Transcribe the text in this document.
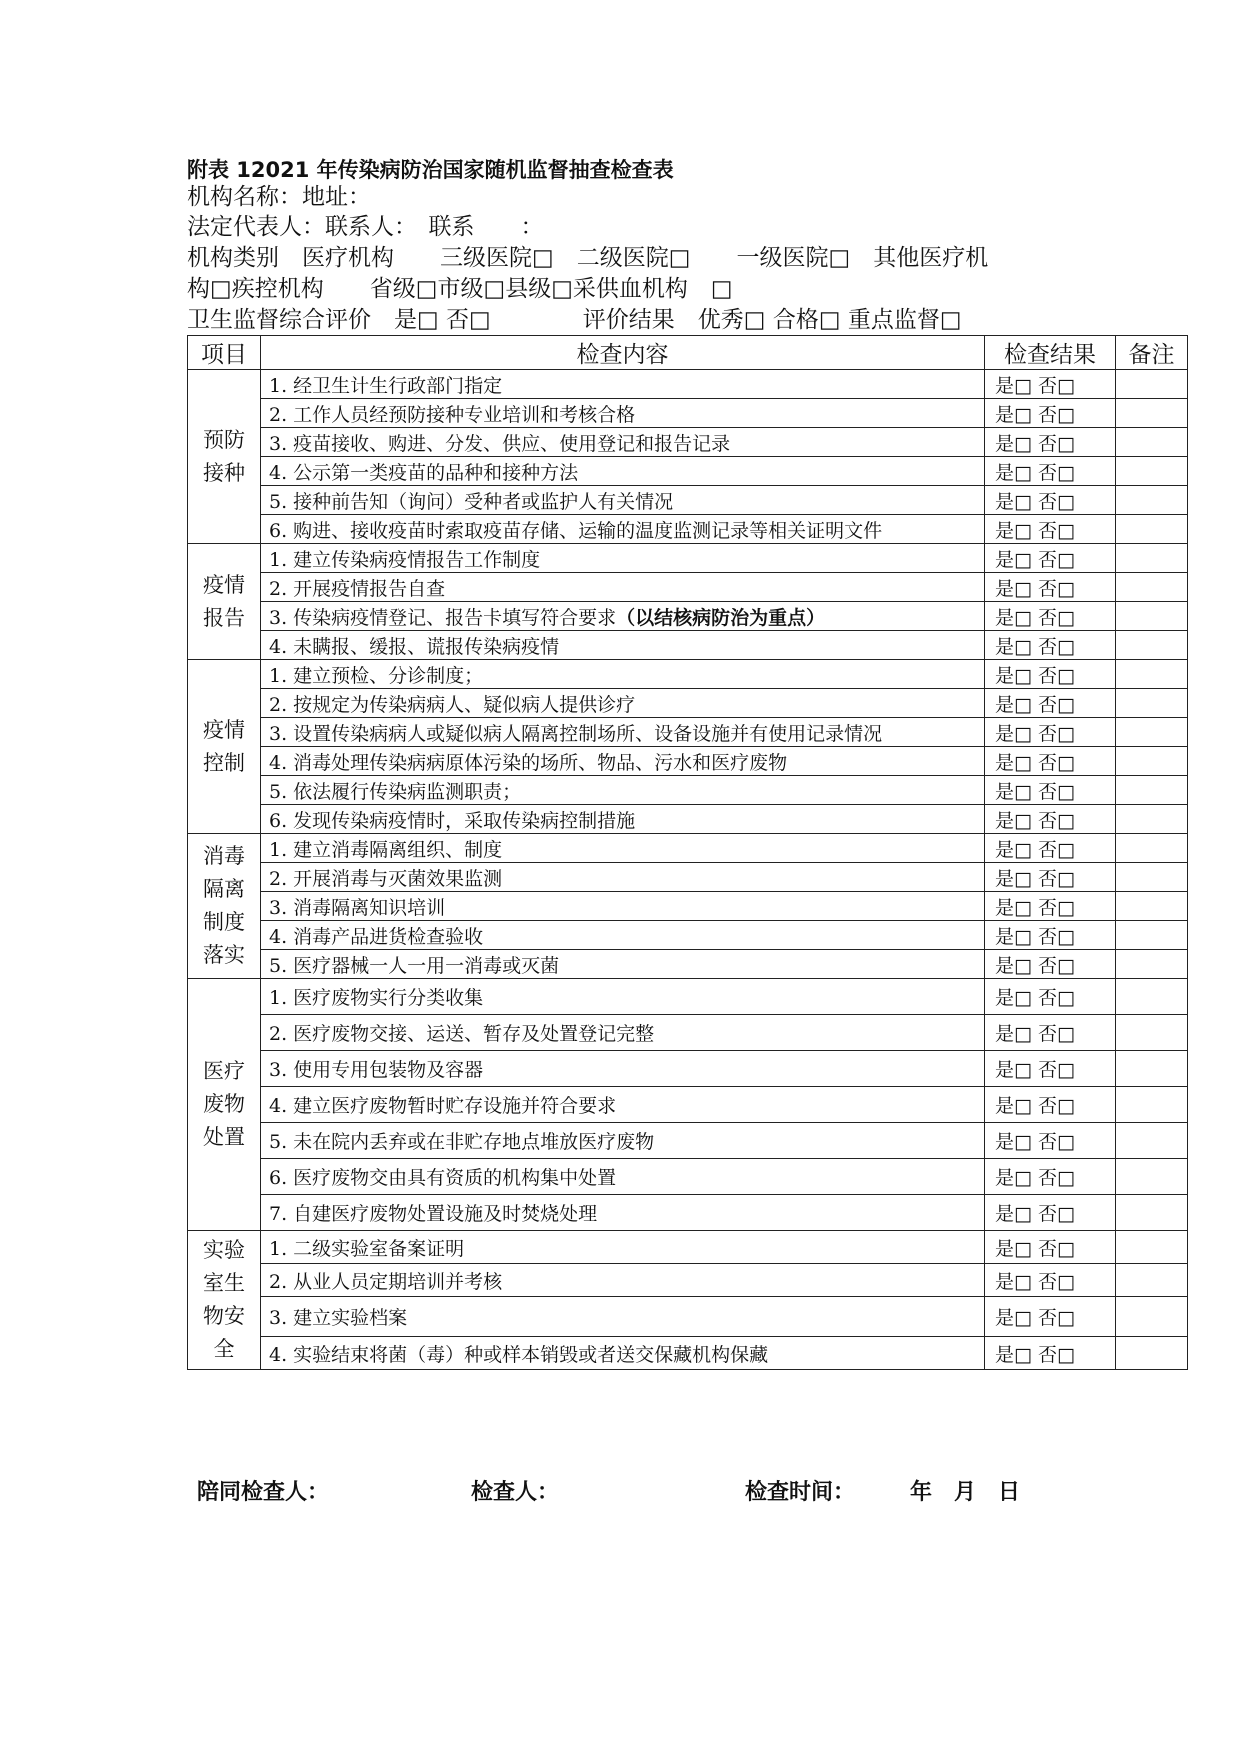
附表 12021 年传染病防治国家随机监督抽查检查表
机构名称：地址：
法定代表人：联系人：　联系　　：
机构类别　医疗机构　　三级医院□　二级医院□　　一级医院□　其他医疗机
构□疾控机构　　省级□市级□县级□采供血机构　□
卫生监督综合评价　是□ 否□　　　　评价结果　优秀□ 合格□ 重点监督□
项目	检查内容	检查结果	备注
预防
接种	1. 经卫生计生行政部门指定	是□ 否□	
	2. 工作人员经预防接种专业培训和考核合格	是□ 否□	
	3. 疫苗接收、购进、分发、供应、使用登记和报告记录	是□ 否□	
	4. 公示第一类疫苗的品种和接种方法	是□ 否□	
	5. 接种前告知（询问）受种者或监护人有关情况	是□ 否□	
	6. 购进、接收疫苗时索取疫苗存储、运输的温度监测记录等相关证明文件	是□ 否□	
疫情
报告	1. 建立传染病疫情报告工作制度	是□ 否□	
	2. 开展疫情报告自查	是□ 否□	
	3. 传染病疫情登记、报告卡填写符合要求（以结核病防治为重点）	是□ 否□	
	4. 未瞒报、缓报、谎报传染病疫情	是□ 否□	
疫情
控制	1. 建立预检、分诊制度；	是□ 否□	
	2. 按规定为传染病病人、疑似病人提供诊疗	是□ 否□	
	3. 设置传染病病人或疑似病人隔离控制场所、设备设施并有使用记录情况	是□ 否□	
	4. 消毒处理传染病病原体污染的场所、物品、污水和医疗废物	是□ 否□	
	5. 依法履行传染病监测职责；	是□ 否□	
	6. 发现传染病疫情时，采取传染病控制措施	是□ 否□	
消毒
隔离
制度
落实	1. 建立消毒隔离组织、制度	是□ 否□	
	2. 开展消毒与灭菌效果监测	是□ 否□	
	3. 消毒隔离知识培训	是□ 否□	
	4. 消毒产品进货检查验收	是□ 否□	
	5. 医疗器械一人一用一消毒或灭菌	是□ 否□	
医疗
废物
处置	1. 医疗废物实行分类收集	是□ 否□	
	2. 医疗废物交接、运送、暂存及处置登记完整	是□ 否□	
	3. 使用专用包装物及容器	是□ 否□	
	4. 建立医疗废物暂时贮存设施并符合要求	是□ 否□	
	5. 未在院内丢弃或在非贮存地点堆放医疗废物	是□ 否□	
	6. 医疗废物交由具有资质的机构集中处置	是□ 否□	
	7. 自建医疗废物处置设施及时焚烧处理	是□ 否□	
实验
室生
物安
全	1. 二级实验室备案证明	是□ 否□	
	2. 从业人员定期培训并考核	是□ 否□	
	3. 建立实验档案	是□ 否□	
	4. 实验结束将菌（毒）种或样本销毁或者送交保藏机构保藏	是□ 否□	
陪同检查人：	检查人：	检查时间：　　　年　月　日
